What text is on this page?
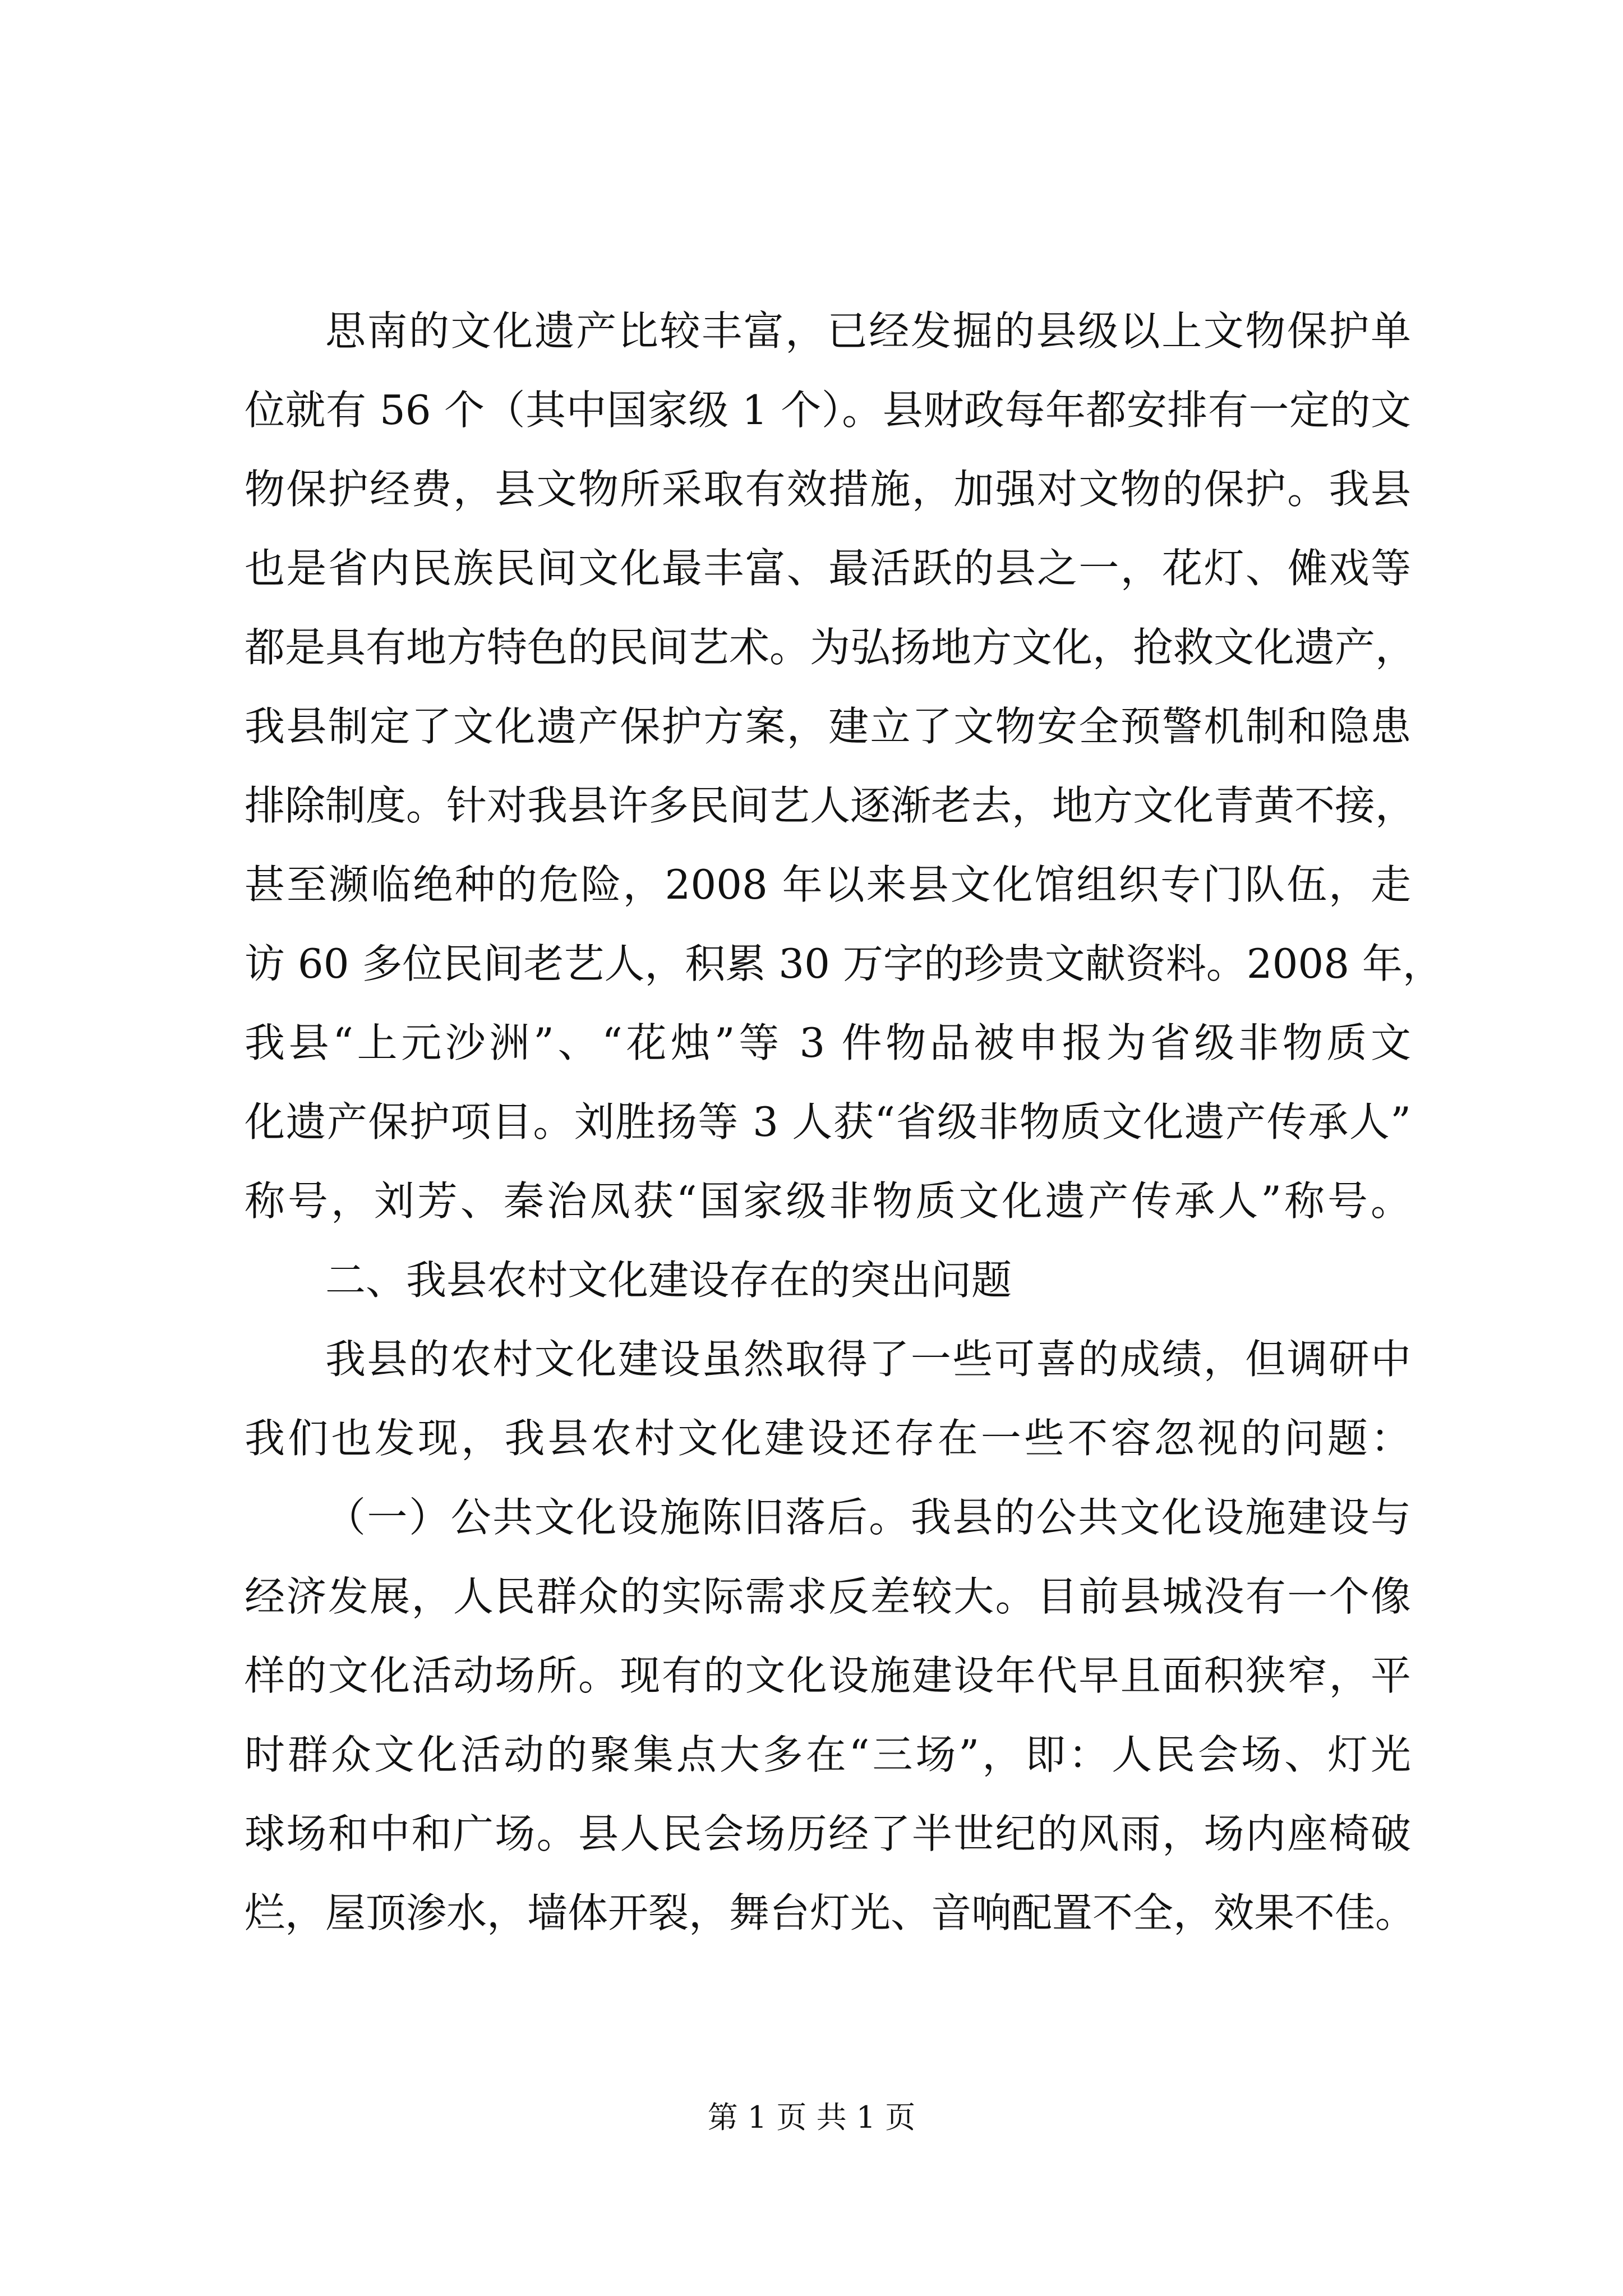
思南的文化遗产比较丰富，已经发掘的县级以上文物保护单
位就有 56 个（其中国家级 1 个）。县财政每年都安排有一定的文
物保护经费，县文物所采取有效措施，加强对文物的保护。我县
也是省内民族民间文化最丰富、最活跃的县之一，花灯、傩戏等
都是具有地方特色的民间艺术。为弘扬地方文化，抢救文化遗产，
我县制定了文化遗产保护方案，建立了文物安全预警机制和隐患
排除制度。针对我县许多民间艺人逐渐老去，地方文化青黄不接，
甚至濒临绝种的危险，2008 年以来县文化馆组织专门队伍，走
访 60 多位民间老艺人，积累 30 万字的珍贵文献资料。2008 年，
我县“上元沙洲”、“花烛”等 3 件物品被申报为省级非物质文
化遗产保护项目。刘胜扬等 3 人获“省级非物质文化遗产传承人”
称号，刘芳、秦治凤获“国家级非物质文化遗产传承人”称号。
二、我县农村文化建设存在的突出问题
我县的农村文化建设虽然取得了一些可喜的成绩，但调研中
我们也发现，我县农村文化建设还存在一些不容忽视的问题：
（一）公共文化设施陈旧落后。我县的公共文化设施建设与
经济发展，人民群众的实际需求反差较大。目前县城没有一个像
样的文化活动场所。现有的文化设施建设年代早且面积狭窄，平
时群众文化活动的聚集点大多在“三场”，即：人民会场、灯光
球场和中和广场。县人民会场历经了半世纪的风雨，场内座椅破
烂，屋顶渗水，墙体开裂，舞台灯光、音响配置不全，效果不佳。
第 1 页 共 1 页
